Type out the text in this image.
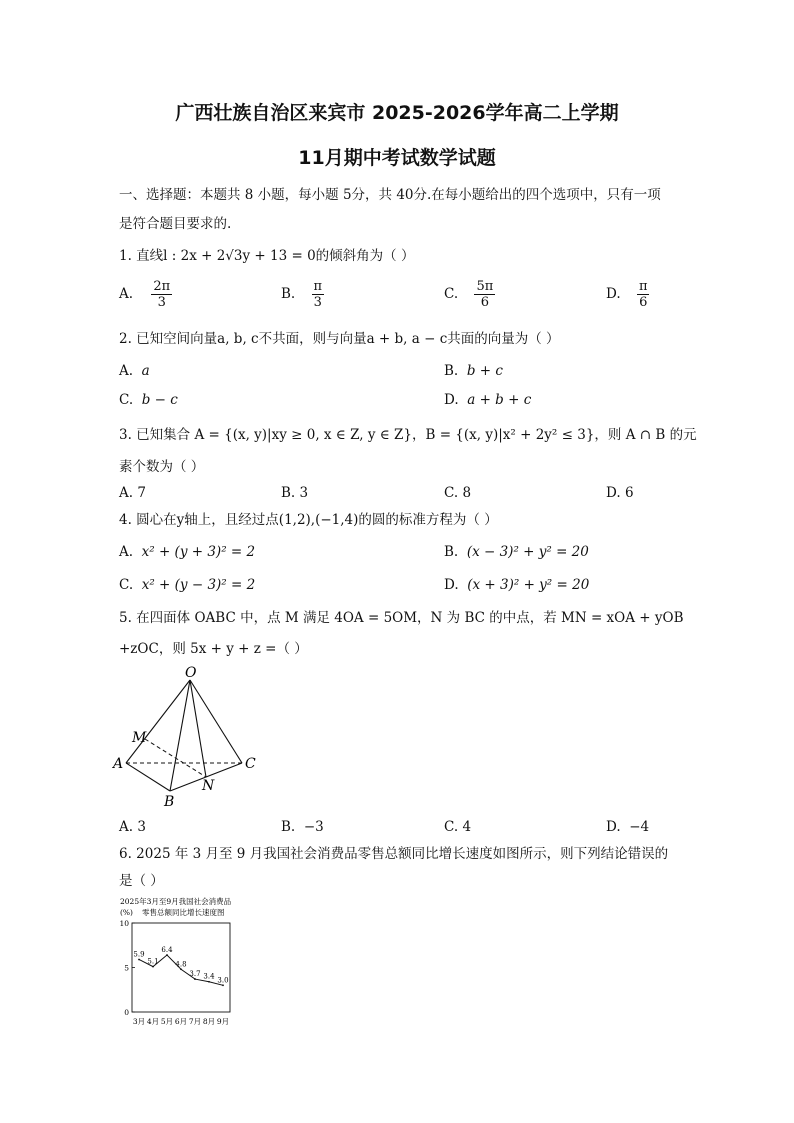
广西壮族自治区来宾市 2025-2026学年高二上学期
11月期中考试数学试题
一、选择题：本题共 8 小题，每小题 5分，共 40分.在每小题给出的四个选项中，只有一项
是符合题目要求的.
1. 直线l : 2x + 2√3y + 13 = 0的倾斜角为（ ）
A. $\frac{2\pi}{3}$	B. $\frac{\pi}{3}$	C. $\frac{5\pi}{6}$	D. $\frac{\pi}{6}$
2. 已知空间向量a, b, c不共面，则与向量a + b, a − c共面的向量为（ ）
A. a	B. b + c
C. b − c	D. a + b + c
3. 已知集合 A = {(x, y)|xy ≥ 0, x ∈ Z, y ∈ Z}，B = {(x, y)|x² + 2y² ≤ 3}，则 A ∩ B 的元
素个数为（ ）
A. 7	B. 3	C. 8	D. 6
4. 圆心在y轴上，且经过点(1,2),(−1,4)的圆的标准方程为（ ）
A. x² + (y + 3)² = 2	B. (x − 3)² + y² = 20
C. x² + (y − 3)² = 2	D. (x + 3)² + y² = 20
5. 在四面体 OABC 中，点 M 满足 4OA = 5OM，N 为 BC 的中点，若 MN = xOA + yOB
+zOC，则 5x + y + z =（ ）
O
M
A	C
B
N
A. 3	B. −3	C. 4	D. −4
6. 2025 年 3 月至 9 月我国社会消费品零售总额同比增长速度如图所示，则下列结论错误的
是（ ）
2025年3月至9月我国社会消费品
(%) 零售总额同比增长速度图
0
5
10
5.9
5.1
6.4
4.8
3.7 3.4 3.0
3月 4月 5月 6月 7月 8月 9月
